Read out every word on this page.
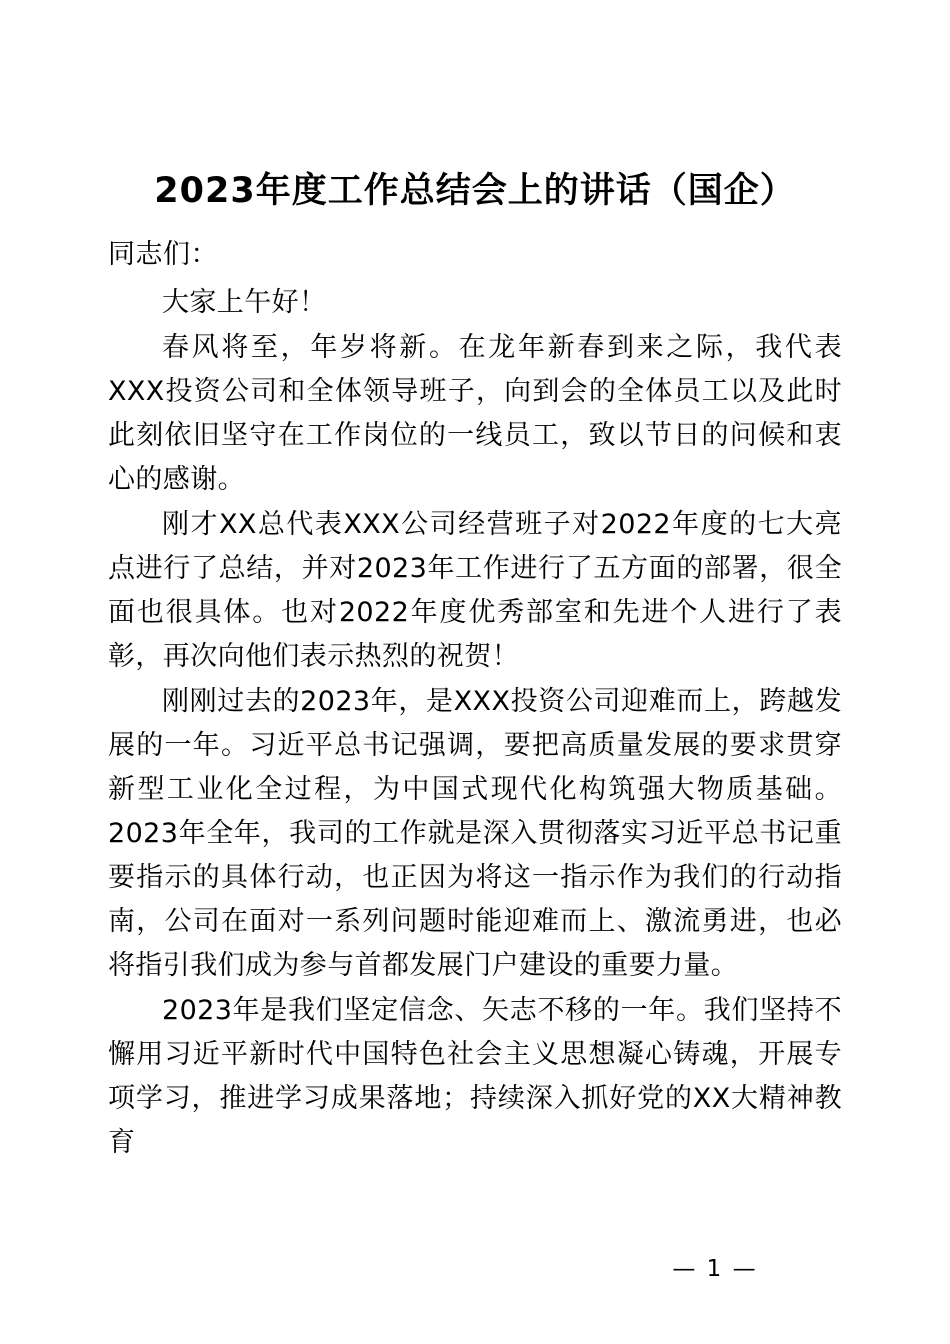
2023年度工作总结会上的讲话（国企）

同志们：

大家上午好！

春风将至，年岁将新。在龙年新春到来之际，我代表XXX投资公司和全体领导班子，向到会的全体员工以及此时此刻依旧坚守在工作岗位的一线员工，致以节日的问候和衷心的感谢。

刚才XX总代表XXX公司经营班子对2022年度的七大亮点进行了总结，并对2023年工作进行了五方面的部署，很全面也很具体。也对2022年度优秀部室和先进个人进行了表彰，再次向他们表示热烈的祝贺！

刚刚过去的2023年，是XXX投资公司迎难而上，跨越发展的一年。习近平总书记强调，要把高质量发展的要求贯穿新型工业化全过程，为中国式现代化构筑强大物质基础。2023年全年，我司的工作就是深入贯彻落实习近平总书记重要指示的具体行动，也正因为将这一指示作为我们的行动指南，公司在面对一系列问题时能迎难而上、激流勇进，也必将指引我们成为参与首都发展门户建设的重要力量。

2023年是我们坚定信念、矢志不移的一年。我们坚持不懈用习近平新时代中国特色社会主义思想凝心铸魂，开展专项学习，推进学习成果落地；持续深入抓好党的XX大精神教育

— 1 —
